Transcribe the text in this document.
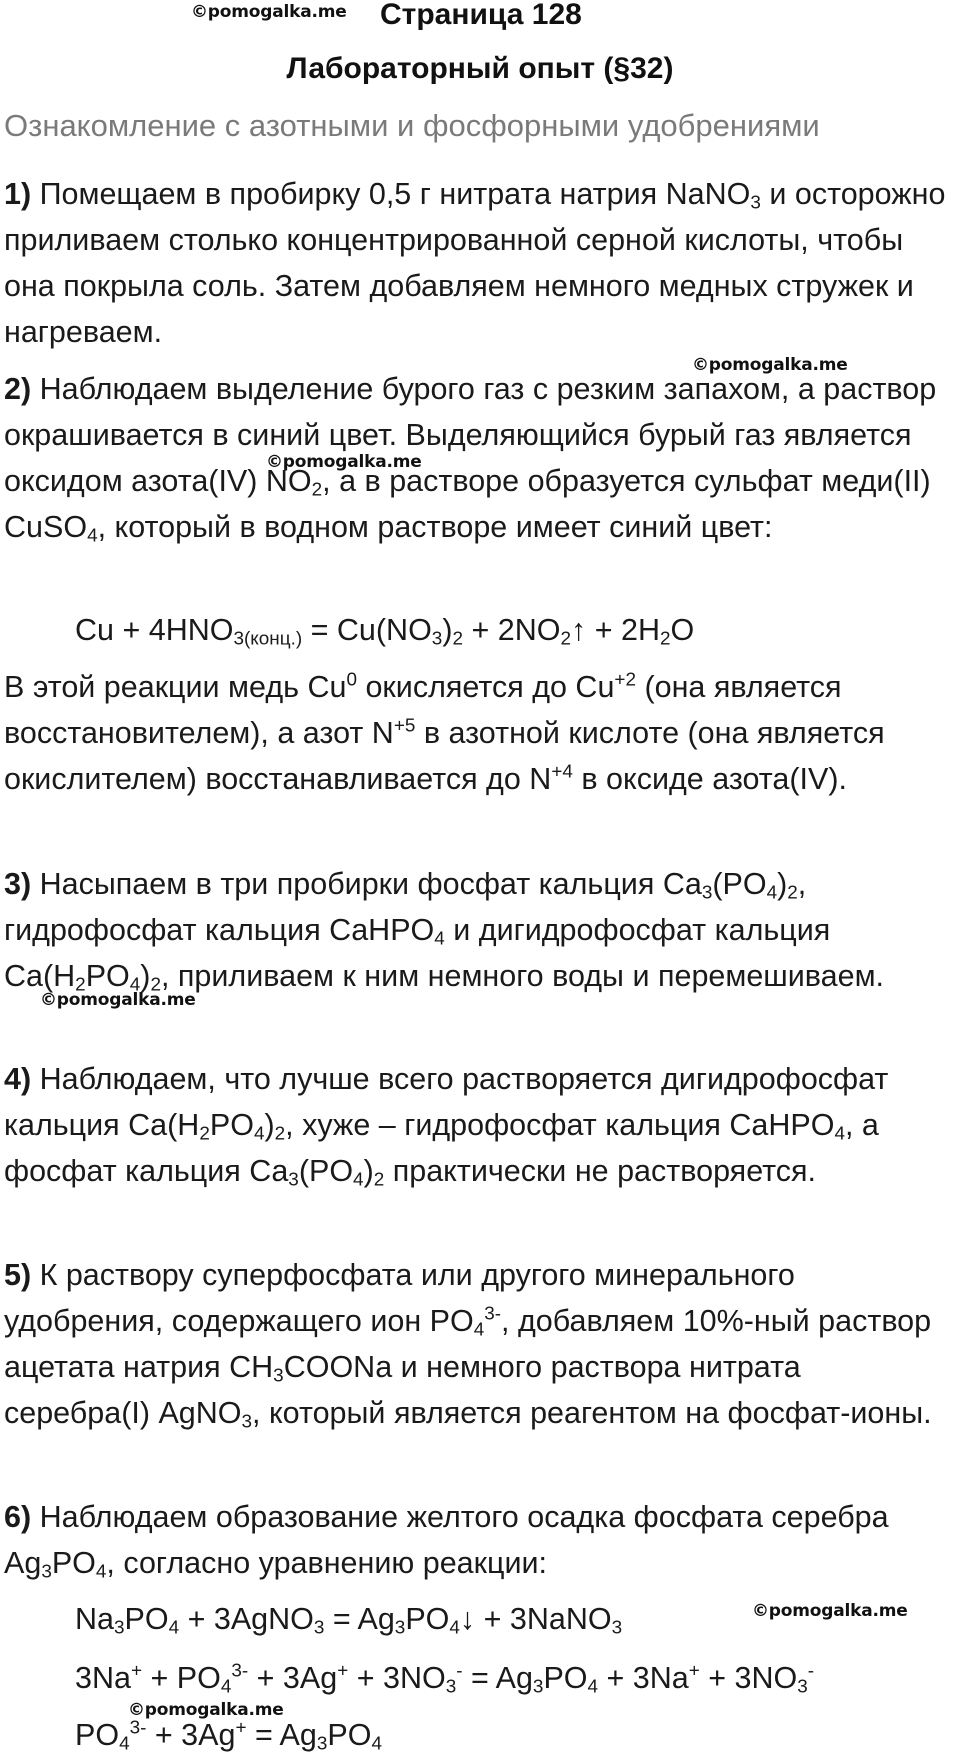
©pomogalka.me
©pomogalka.me
©pomogalka.me
©pomogalka.me
©pomogalka.me
©pomogalka.me
Страница 128
Лабораторный опыт (§32)
Ознакомление с азотными и фосфорными удобрениями
1) Помещаем в пробирку 0,5 г нитрата натрия NaNO$_3$ и осторожно приливаем столько концентрированной серной кислоты, чтобы она покрыла соль. Затем добавляем немного медных стружек и нагреваем.
2) Наблюдаем выделение бурого газ с резким запахом, а раствор окрашивается в синий цвет. Выделяющийся бурый газ является оксидом азота(IV) $NO_2$, а в растворе образуется сульфат меди(II) CuSO$_4$, который в водном растворе имеет синий цвет:
$Cu + 4HNO_{3(конц.)} = Cu(NO_3)_2$ + $2NO_2↑ + 2H_2O$
В этой реакции медь Cu$^0$ окисляется до $Cu^{+2}$ (она является восстановителем), а азот $N^{+5}$ в азотной кислоте (она является окислителем) восстанавливается до $N^{+4}$ в оксиде азота(IV).
3) Насыпаем в три пробирки фосфат кальция $Ca_3(PO_4)_2$, гидрофосфат кальция CaHPO$_4$ и дигидрофосфат кальция $Ca(H_2PO_4)_2$, приливаем к ним немного воды и перемешиваем.
4) Наблюдаем, что лучше всего растворяется дигидрофосфат кальция $Ca(H_2PO_4)_2$, хуже – гидрофосфат кальция CaHPO$_4$, а фосфат кальция $Ca_3(PO_4)_2$ практически не растворяется.
5) К раствору суперфосфата или другого минерального удобрения, содержащего ион $PO_4^{3-}$, добавляем 10%-ный раствор ацетата натрия $CH_3COONa$ и немного раствора нитрата серебра(I) AgNO$_3$, который является реагентом на фосфат-ионы.
6) Наблюдаем образование желтого осадка фосфата серебра $Ag_3PO_4$, согласно уравнению реакции:
$Na_3PO_4$ + 3AgNO$_3$ = $Ag_3PO_4↓$ + 3NaNO$_3$
$3Na^+ + PO_4^{3-} + 3Ag^+ + 3NO_3^- = Ag_3PO_4 + 3Na^+ + 3NO_3^-$
$PO_4^{3-} + 3Ag^+ = Ag_3PO_4$
